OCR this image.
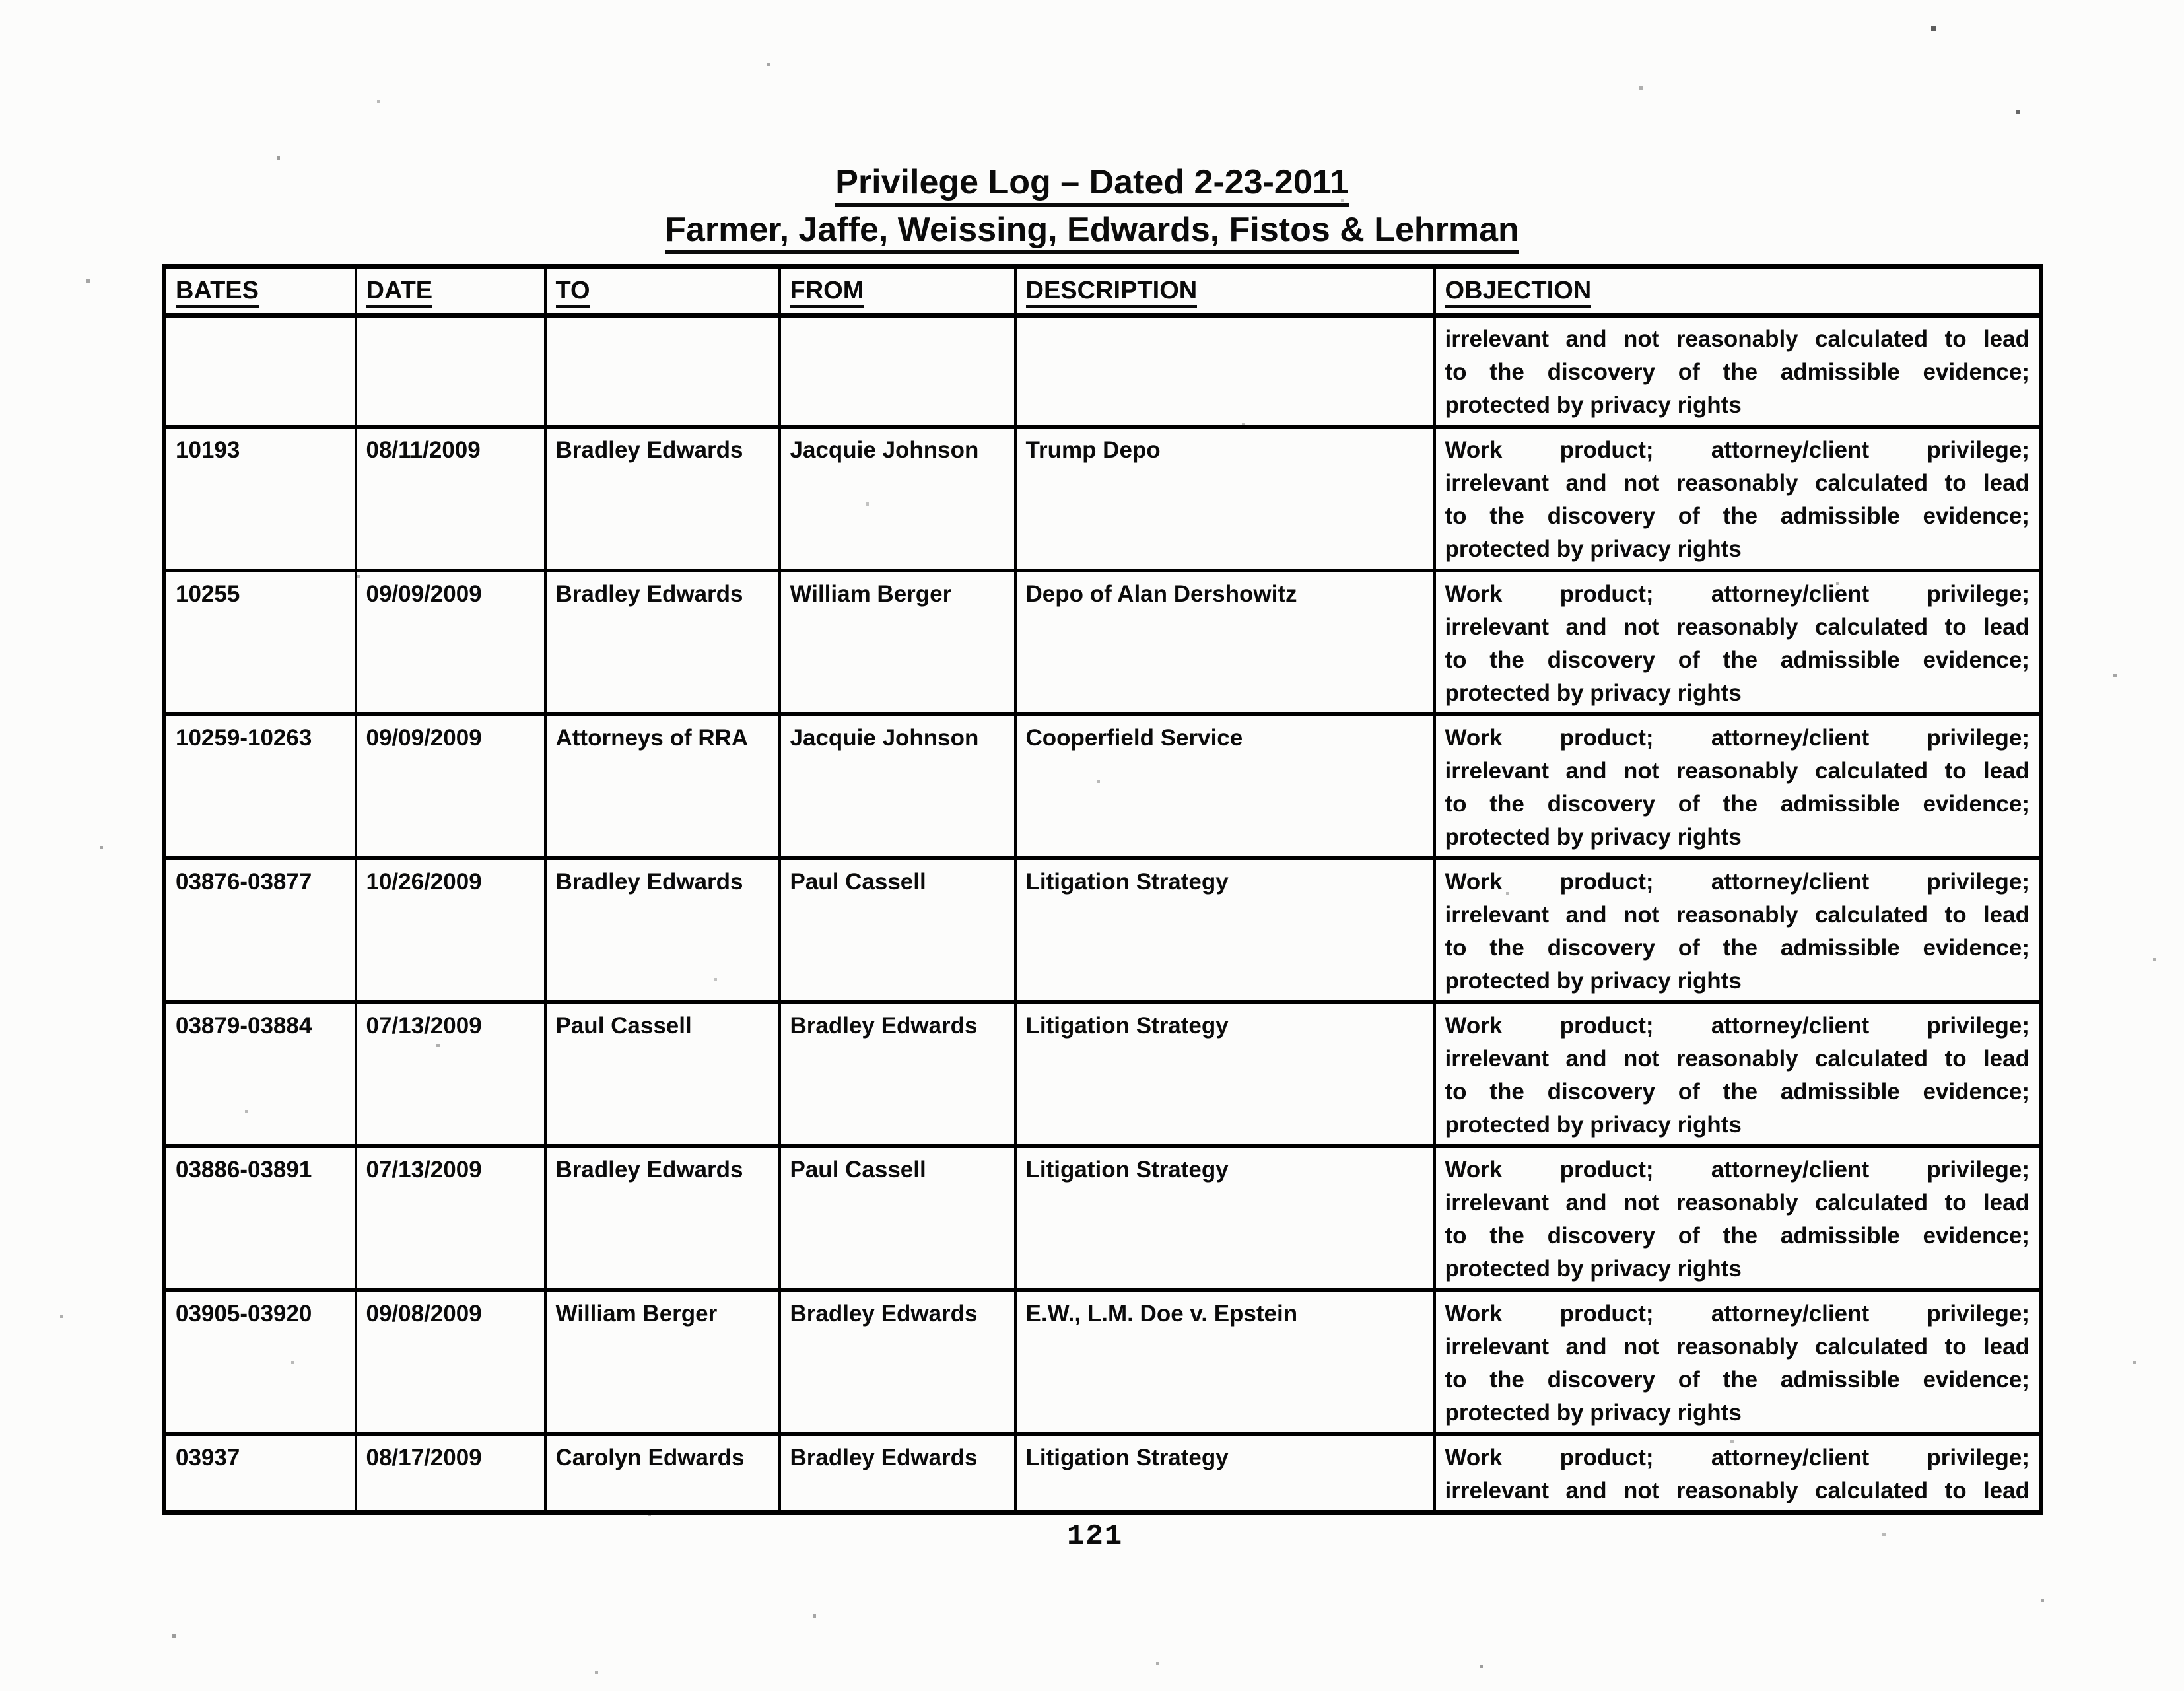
Privilege Log – Dated 2-23-2011
Farmer, Jaffe, Weissing, Edwards, Fistos & Lehrman
BATES	DATE	TO	FROM	DESCRIPTION	OBJECTION

					irrelevant and not reasonably calculated to lead
to the discovery of the admissible evidence;
protected by privacy rights

10193	08/11/2009	Bradley Edwards	Jacquie Johnson	Trump Depo	Work product; attorney/client privilege;
irrelevant and not reasonably calculated to lead
to the discovery of the admissible evidence;
protected by privacy rights

10255	09/09/2009	Bradley Edwards	William Berger	Depo of Alan Dershowitz	Work product; attorney/client privilege;
irrelevant and not reasonably calculated to lead
to the discovery of the admissible evidence;
protected by privacy rights

10259-10263	09/09/2009	Attorneys of RRA	Jacquie Johnson	Cooperfield Service	Work product; attorney/client privilege;
irrelevant and not reasonably calculated to lead
to the discovery of the admissible evidence;
protected by privacy rights

03876-03877	10/26/2009	Bradley Edwards	Paul Cassell	Litigation Strategy	Work product; attorney/client privilege;
irrelevant and not reasonably calculated to lead
to the discovery of the admissible evidence;
protected by privacy rights

03879-03884	07/13/2009	Paul Cassell	Bradley Edwards	Litigation Strategy	Work product; attorney/client privilege;
irrelevant and not reasonably calculated to lead
to the discovery of the admissible evidence;
protected by privacy rights

03886-03891	07/13/2009	Bradley Edwards	Paul Cassell	Litigation Strategy	Work product; attorney/client privilege;
irrelevant and not reasonably calculated to lead
to the discovery of the admissible evidence;
protected by privacy rights

03905-03920	09/08/2009	William Berger	Bradley Edwards	E.W., L.M. Doe v. Epstein	Work product; attorney/client privilege;
irrelevant and not reasonably calculated to lead
to the discovery of the admissible evidence;
protected by privacy rights

03937	08/17/2009	Carolyn Edwards	Bradley Edwards	Litigation Strategy	Work product; attorney/client privilege;
irrelevant and not reasonably calculated to lead
121
